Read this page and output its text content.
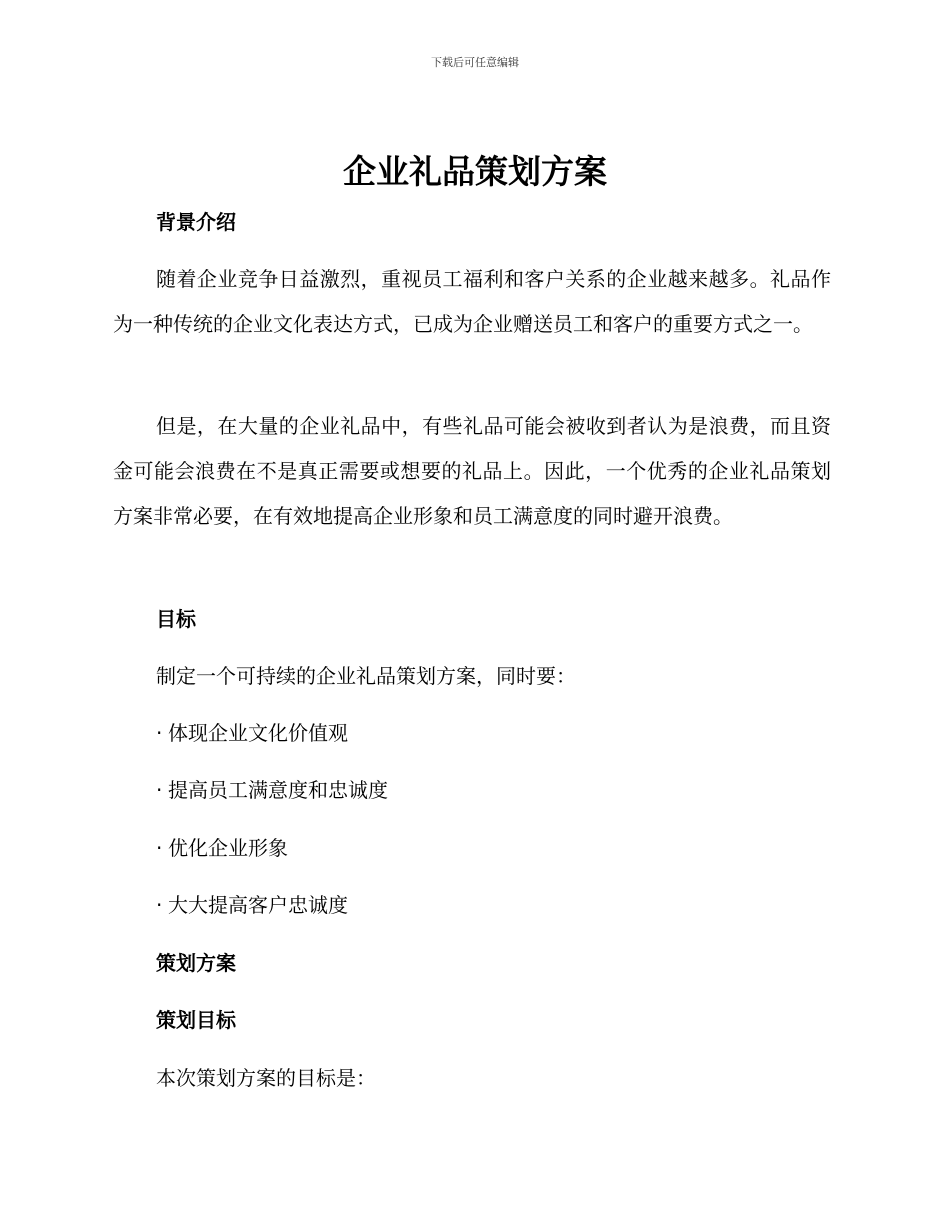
下载后可任意编辑
企业礼品策划方案
背景介绍

随着企业竞争日益激烈，重视员工福利和客户关系的企业越来越多。礼品作为一种传统的企业文化表达方式，已成为企业赠送员工和客户的重要方式之一。

但是，在大量的企业礼品中，有些礼品可能会被收到者认为是浪费，而且资金可能会浪费在不是真正需要或想要的礼品上。因此，一个优秀的企业礼品策划方案非常必要，在有效地提高企业形象和员工满意度的同时避开浪费。

目标

制定一个可持续的企业礼品策划方案，同时要：

· 体现企业文化价值观
· 提高员工满意度和忠诚度
· 优化企业形象
· 大大提高客户忠诚度
策划方案
策划目标

本次策划方案的目标是：
